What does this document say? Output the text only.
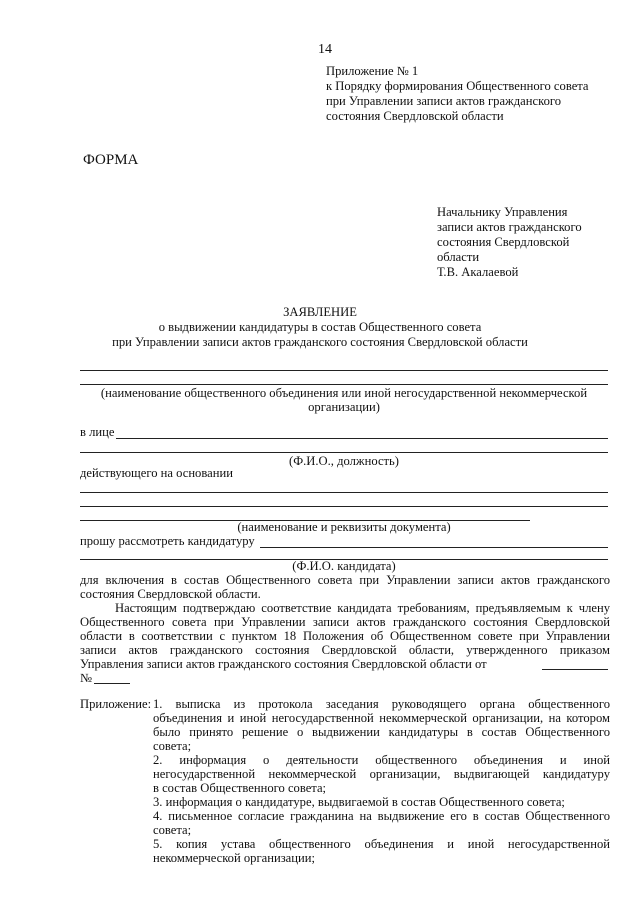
14
Приложение № 1
к Порядку формирования Общественного совета
при Управлении записи актов гражданского
состояния Свердловской области
ФОРМА
Начальнику Управления
записи актов гражданского
состояния Свердловской
области
Т.В. Акалаевой
ЗАЯВЛЕНИЕ
о выдвижении кандидатуры в состав Общественного совета
при Управлении записи актов гражданского состояния Свердловской области
(наименование общественного объединения или иной негосударственной некоммерческой
организации)
в лице
(Ф.И.О., должность)
действующего на основании
(наименование и реквизиты документа)
прошу рассмотреть кандидатуру
(Ф.И.О. кандидата)
для включения в состав Общественного совета при Управлении записи актов гражданского
состояния Свердловской области.
Настоящим подтверждаю соответствие кандидата требованиям, предъявляемым к члену
Общественного совета при Управлении записи актов гражданского состояния Свердловской
области в соответствии с пунктом 18 Положения об Общественном совете при Управлении
записи актов гражданского состояния Свердловской области, утвержденного приказом
Управления записи актов гражданского состояния Свердловской области от
№
Приложение: 1. выписка из протокола заседания руководящего органа общественного
объединения и иной негосударственной некоммерческой организации, на котором
было принято решение о выдвижении кандидатуры в состав Общественного
совета;
2. информация о деятельности общественного объединения и иной
негосударственной некоммерческой организации, выдвигающей кандидатуру
в состав Общественного совета;
3. информация о кандидатуре, выдвигаемой в состав Общественного совета;
4. письменное согласие гражданина на выдвижение его в состав Общественного
совета;
5. копия устава общественного объединения и иной негосударственной
некоммерческой организации;
